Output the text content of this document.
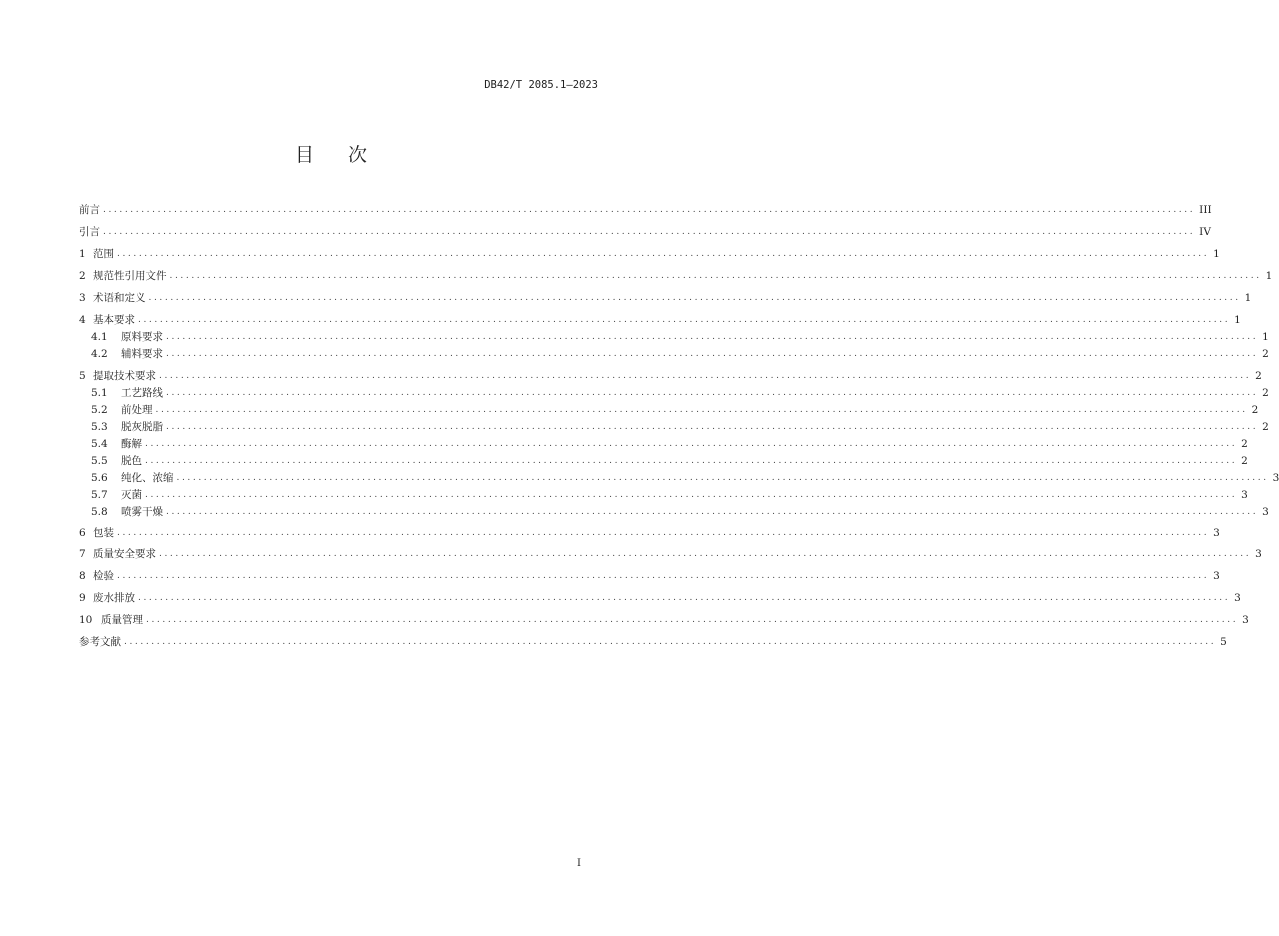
DB42/T 2085.1—2023
目 次
前言 ........................................................................................................................................................................................................ III
引言 ........................................................................................................................................................................................................ IV
1 范围 ........................................................................................................................................................................................................ 1
2 规范性引用文件 ........................................................................................................................................................................................................ 1
3 术语和定义 ........................................................................................................................................................................................................ 1
4 基本要求 ........................................................................................................................................................................................................ 1
4.1 原料要求 ........................................................................................................................................................................................................ 1
4.2 辅料要求 ........................................................................................................................................................................................................ 2
5 提取技术要求 ........................................................................................................................................................................................................ 2
5.1 工艺路线 ........................................................................................................................................................................................................ 2
5.2 前处理 ........................................................................................................................................................................................................ 2
5.3 脱灰脱脂 ........................................................................................................................................................................................................ 2
5.4 酶解 ........................................................................................................................................................................................................ 2
5.5 脱色 ........................................................................................................................................................................................................ 2
5.6 纯化、浓缩 ........................................................................................................................................................................................................ 3
5.7 灭菌 ........................................................................................................................................................................................................ 3
5.8 喷雾干燥 ........................................................................................................................................................................................................ 3
6 包装 ........................................................................................................................................................................................................ 3
7 质量安全要求 ........................................................................................................................................................................................................ 3
8 检验 ........................................................................................................................................................................................................ 3
9 废水排放 ........................................................................................................................................................................................................ 3
10 质量管理 ........................................................................................................................................................................................................ 3
参考文献 ........................................................................................................................................................................................................ 5
I
